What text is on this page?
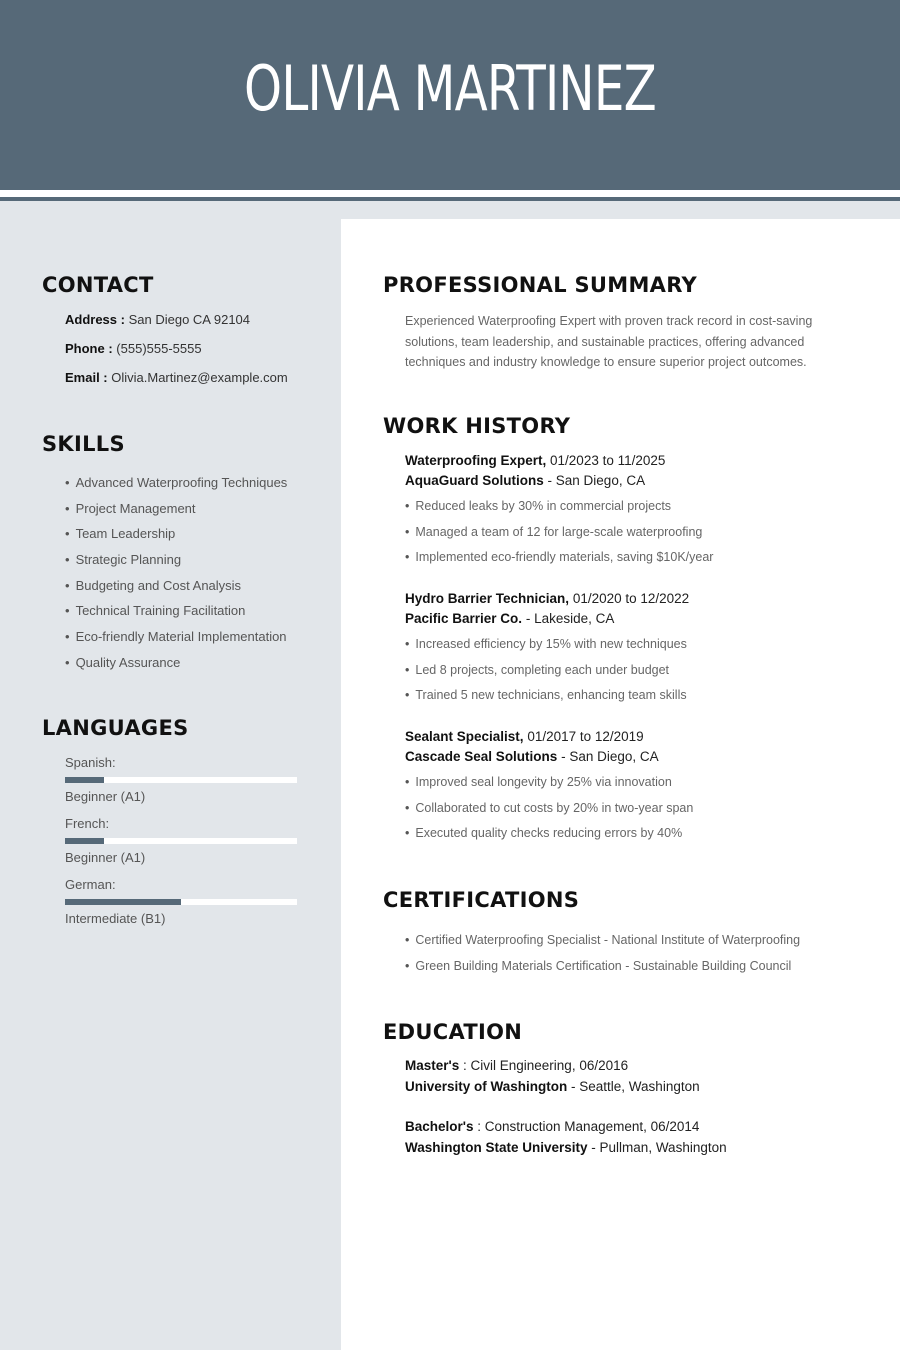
OLIVIA MARTINEZ
CONTACT
Address : San Diego CA 92104
Phone : (555)555-5555
Email : Olivia.Martinez@example.com
SKILLS
• Advanced Waterproofing Techniques
• Project Management
• Team Leadership
• Strategic Planning
• Budgeting and Cost Analysis
• Technical Training Facilitation
• Eco-friendly Material Implementation
• Quality Assurance
LANGUAGES
Spanish:
Beginner (A1)
French:
Beginner (A1)
German:
Intermediate (B1)
PROFESSIONAL SUMMARY

Experienced Waterproofing Expert with proven track record in cost-saving solutions, team leadership, and sustainable practices, offering advanced techniques and industry knowledge to ensure superior project outcomes.

WORK HISTORY
Waterproofing Expert, 01/2023 to 11/2025
AquaGuard Solutions - San Diego, CA
• Reduced leaks by 30% in commercial projects
• Managed a team of 12 for large-scale waterproofing
• Implemented eco-friendly materials, saving $10K/year
Hydro Barrier Technician, 01/2020 to 12/2022
Pacific Barrier Co. - Lakeside, CA
• Increased efficiency by 15% with new techniques
• Led 8 projects, completing each under budget
• Trained 5 new technicians, enhancing team skills
Sealant Specialist, 01/2017 to 12/2019
Cascade Seal Solutions - San Diego, CA
• Improved seal longevity by 25% via innovation
• Collaborated to cut costs by 20% in two-year span
• Executed quality checks reducing errors by 40%
CERTIFICATIONS
• Certified Waterproofing Specialist - National Institute of Waterproofing
• Green Building Materials Certification - Sustainable Building Council
EDUCATION
Master's : Civil Engineering, 06/2016
University of Washington - Seattle, Washington
Bachelor's : Construction Management, 06/2014
Washington State University - Pullman, Washington
